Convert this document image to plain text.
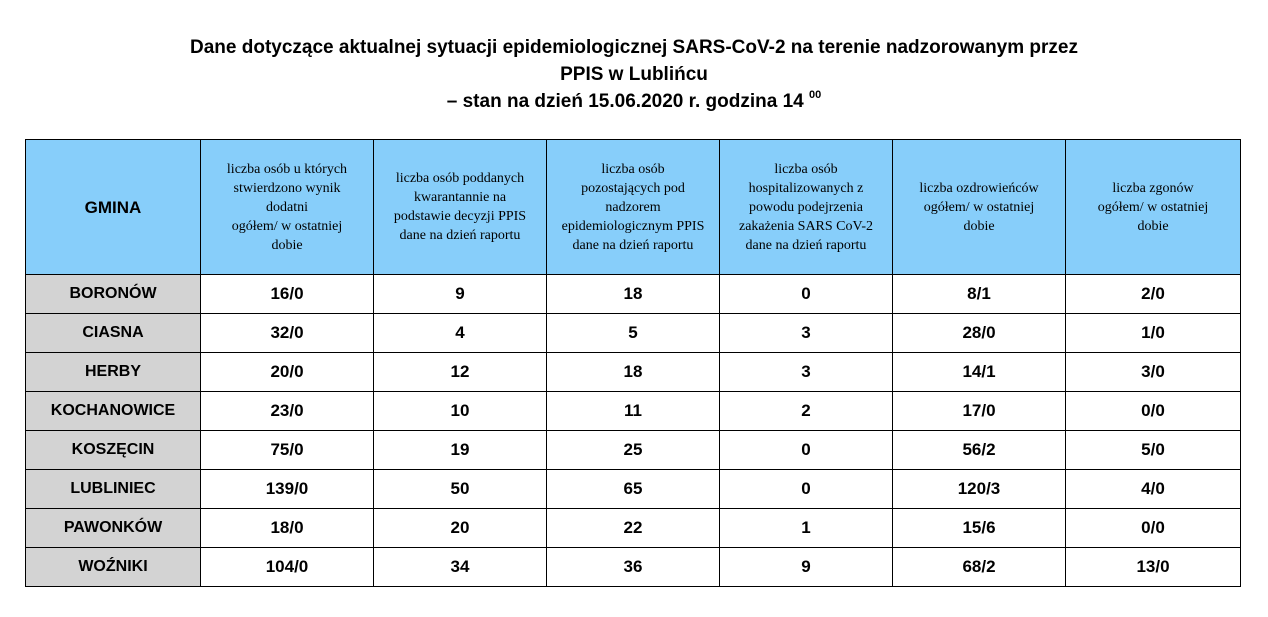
Dane dotyczące aktualnej sytuacji epidemiologicznej SARS-CoV-2 na terenie nadzorowanym przez
PPIS w Lublińcu
– stan na dzień 15.06.2020 r. godzina 14 $^{00}$
GMINA	liczba osób u których
stwierdzono wynik
dodatni
ogółem/ w ostatniej
dobie	liczba osób poddanych
kwarantannie na
podstawie decyzji PPIS
dane na dzień raportu	liczba osób
pozostających pod
nadzorem
epidemiologicznym PPIS
dane na dzień raportu	liczba osób
hospitalizowanych z
powodu podejrzenia
zakażenia SARS CoV-2
dane na dzień raportu	liczba ozdrowieńców
ogółem/ w ostatniej
dobie	liczba zgonów
ogółem/ w ostatniej
dobie

BORONÓW	16/0	9	18	0	8/1	2/0
CIASNA	32/0	4	5	3	28/0	1/0
HERBY	20/0	12	18	3	14/1	3/0
KOCHANOWICE	23/0	10	11	2	17/0	0/0
KOSZĘCIN	75/0	19	25	0	56/2	5/0
LUBLINIEC	139/0	50	65	0	120/3	4/0
PAWONKÓW	18/0	20	22	1	15/6	0/0
WOŹNIKI	104/0	34	36	9	68/2	13/0
